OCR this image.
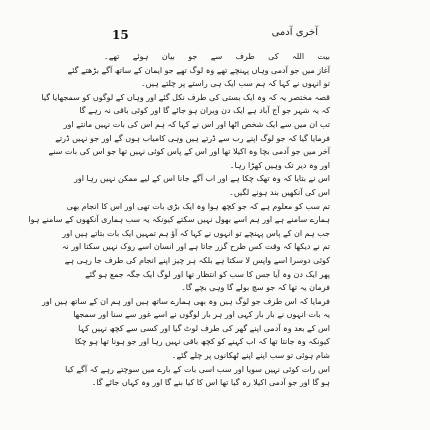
15	آخری آدمی
بیت اللہ کی طرف سے جو بیان ہوئے تھے۔
آغاز میں جو آدمی وہاں پہنچے تھے وہ لوگ تھے جو ایمان کے ساتھ آگے بڑھتے گئے
تو انہوں نے کہا کہ ہم سب ایک ہی راستے پر چلتے ہیں۔
قصہ مختصر یہ کہ وہ ایک بستی کی طرف نکل گئے اور وہاں کے لوگوں کو سمجھایا گیا
کہ یہ شہر جو آج آباد ہے ایک دن ویران ہو جائے گا اور کوئی باقی نہ رہے گا
تب ان میں سے ایک شخص اٹھا اور اس نے کہا کہ ہم اس کی بات نہیں مانتے اور
فرمایا گیا کہ جو لوگ اپنے رب سے ڈرتے ہیں وہی کامیاب ہوں گے اور جو نہیں ڈرتے
آخر میں جو آدمی بچا وہ اکیلا تھا اور اس کے پاس کوئی نہیں تھا جو اس کی بات سنے
اور وہ دیر تک وہیں کھڑا رہا۔
اس نے بتایا کہ وہ تھک چکا ہے اور اب آگے جانا اس کے لیے ممکن نہیں رہا اور
اس کی آنکھیں بند ہونے لگیں۔
تم سب کو معلوم ہے کہ جو کچھ ہوا وہ ایک بڑی بات تھی اور اس کا انجام بھی
ہمارے سامنے ہے اور ہم اسے بھول نہیں سکتے کیونکہ یہ سب ہماری آنکھوں کے سامنے ہوا
جب ہم ان کے پاس پہنچے تو انہوں نے کہا کہ آؤ ہم تمہیں ایک بات بتاتے ہیں اور
تم نے دیکھا کہ وقت کس طرح گزر جاتا ہے اور انسان اسے روک نہیں سکتا اور نہ
کوئی دوسرا اسے واپس لا سکتا ہے بلکہ ہر چیز اپنے انجام کی طرف جا رہی ہے
پھر ایک دن وہ آیا جس کا سب کو انتظار تھا اور لوگ ایک جگہ جمع ہو گئے
فرمان یہ تھا کہ جو سچ بولے گا وہی بچے گا۔
فرمایا کہ اس طرف جو لوگ ہیں وہ بھی ہمارے ساتھ ہیں اور ہم ان کے ساتھ ہیں اور
یہ بات انہوں نے بار بار کہی اور ہر بار لوگوں نے اسے غور سے سنا اور سمجھا
اس کے بعد وہ آدمی اپنے گھر کی طرف لوٹ گیا اور کسی سے کچھ نہیں کہا
کیونکہ وہ جانتا تھا کہ اب کہنے کو کچھ باقی نہیں رہا اور جو ہونا تھا ہو چکا
شام ہوئی تو سب اپنے اپنے ٹھکانوں پر چلے گئے۔
اس رات کوئی نہیں سویا اور سب اسی بات کے بارے میں سوچتے رہے کہ آگے کیا
ہو گا اور جو آدمی اکیلا رہ گیا تھا اس کا کیا بنے گا اور وہ کہاں جائے گا۔
